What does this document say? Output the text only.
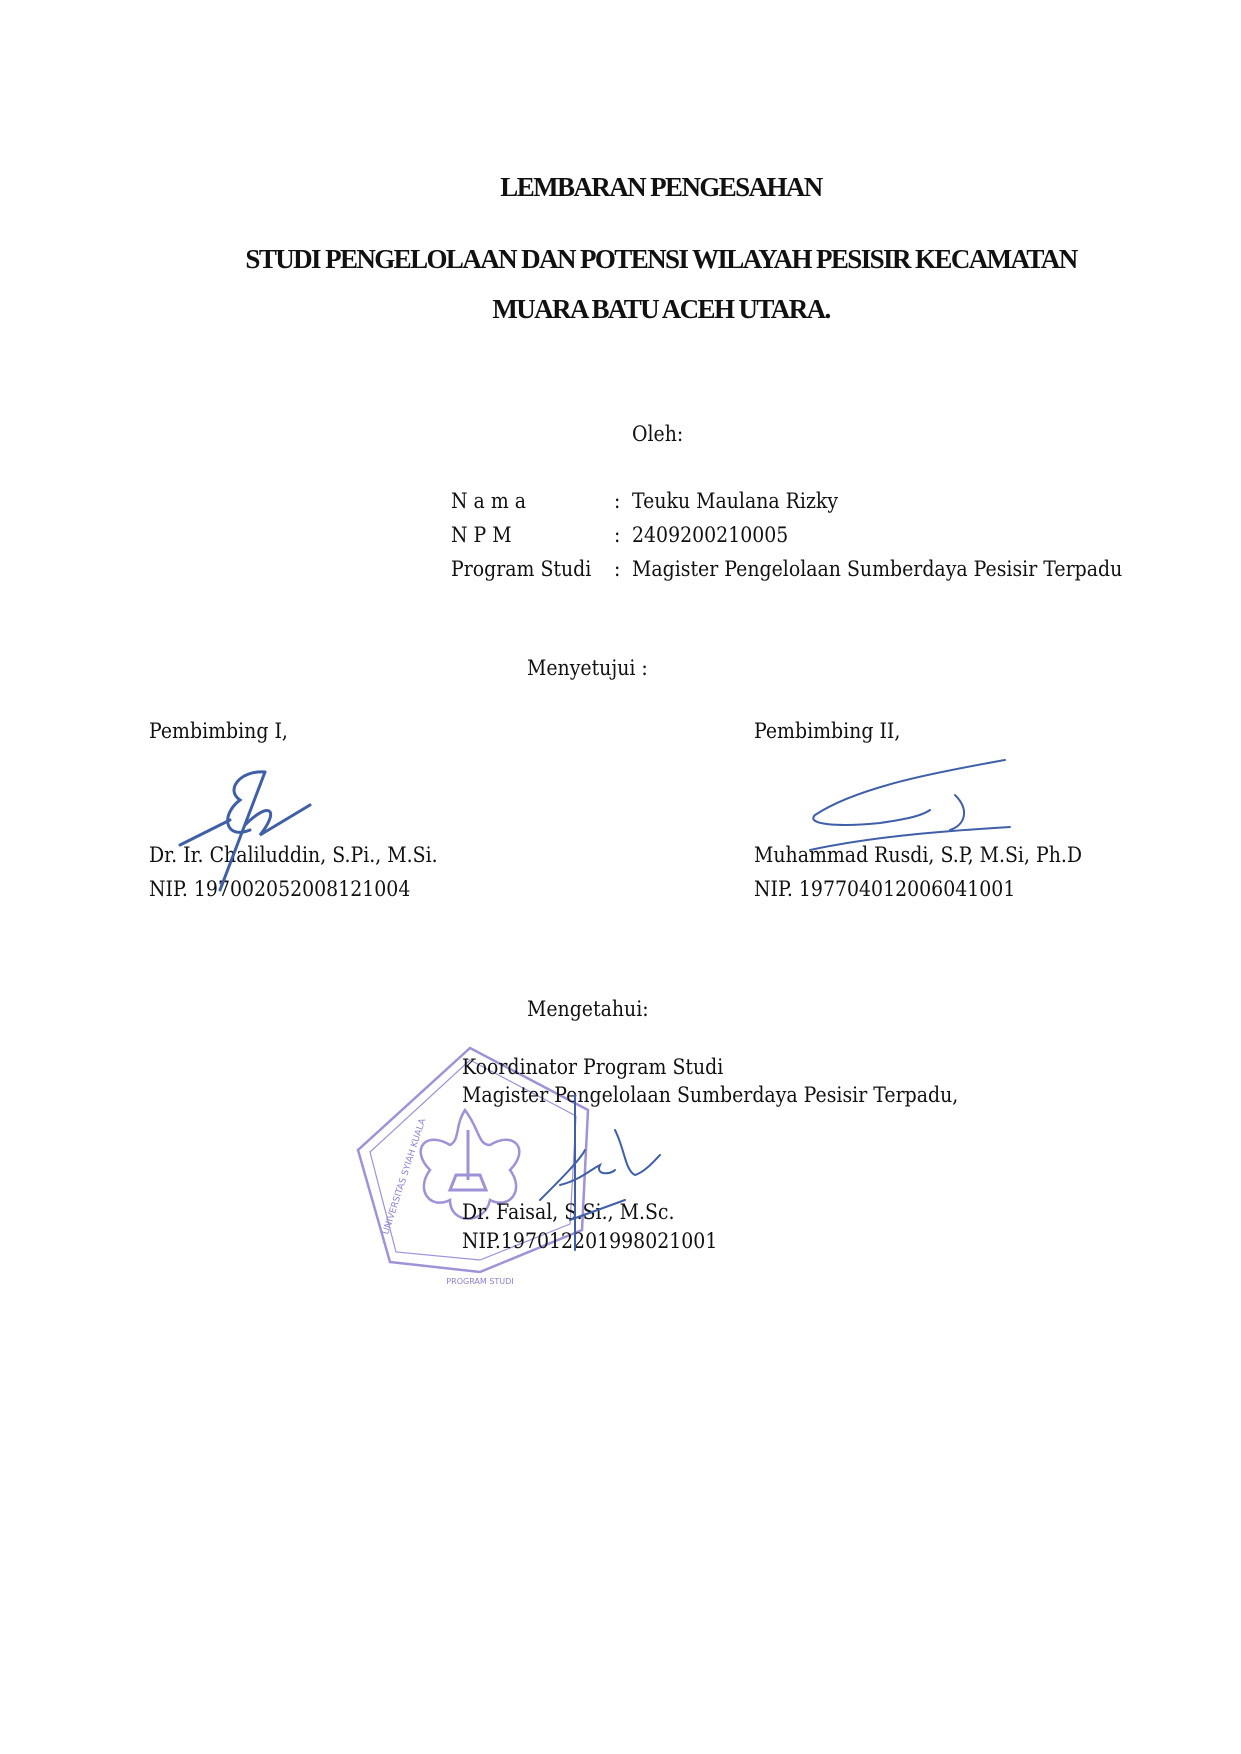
LEMBARAN PENGESAHAN
STUDI PENGELOLAAN DAN POTENSI WILAYAH PESISIR KECAMATAN
MUARA BATU ACEH UTARA.
Oleh:
N a m a	: Teuku Maulana Rizky
N P M	: 2409200210005
Program Studi : Magister Pengelolaan Sumberdaya Pesisir Terpadu
Menyetujui :
Pembimbing I,	Pembimbing II,
Dr. Ir. Chaliluddin, S.Pi., M.Si.
NIP. 197002052008121004
Muhammad Rusdi, S.P, M.Si, Ph.D
NIP. 197704012006041001
Mengetahui:
UNIVERSITAS SYIAH KUALA
PROGRAM STUDI
Koordinator Program Studi
Magister Pengelolaan Sumberdaya Pesisir Terpadu,
Dr. Faisal, S.Si., M.Sc.
NIP.197012201998021001
